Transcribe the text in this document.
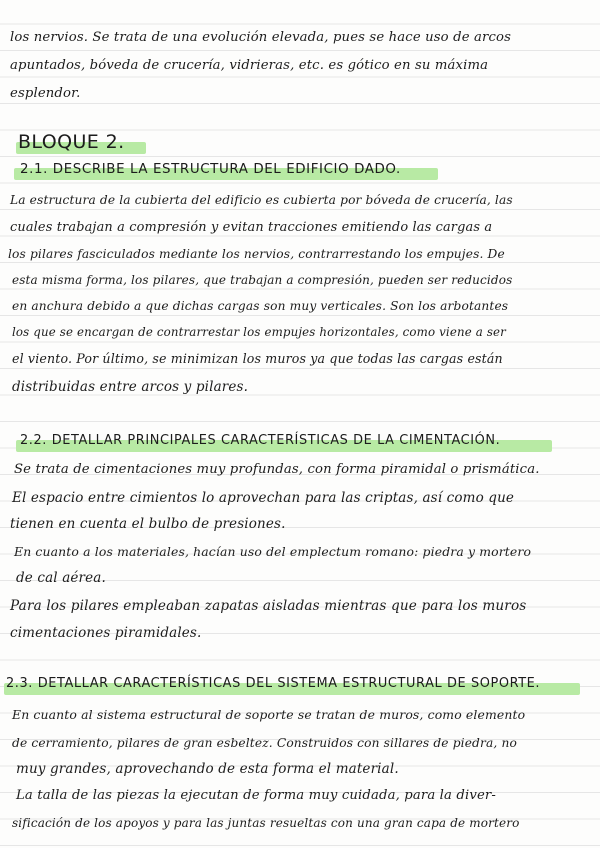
los nervios. Se trata de una evolución elevada, pues se hace uso de arcos
apuntados, bóveda de crucería, vidrieras, etc. es gótico en su máxima
esplendor.
BLOQUE 2.
2.1. DESCRIBE LA ESTRUCTURA DEL EDIFICIO DADO.
La estructura de la cubierta del edificio es cubierta por bóveda de crucería, las
cuales trabajan a compresión y evitan tracciones emitiendo las cargas a
los pilares fasciculados mediante los nervios, contrarrestando los empujes. De
esta misma forma, los pilares, que trabajan a compresión, pueden ser reducidos
en anchura debido a que dichas cargas son muy verticales. Son los arbotantes
los que se encargan de contrarrestar los empujes horizontales, como viene a ser
el viento. Por último, se minimizan los muros ya que todas las cargas están
distribuidas entre arcos y pilares.
2.2. DETALLAR PRINCIPALES CARACTERÍSTICAS DE LA CIMENTACIÓN.
Se trata de cimentaciones muy profundas, con forma piramidal o prismática.
El espacio entre cimientos lo aprovechan para las criptas, así como que
tienen en cuenta el bulbo de presiones.
En cuanto a los materiales, hacían uso del emplectum romano: piedra y mortero
de cal aérea.
Para los pilares empleaban zapatas aisladas mientras que para los muros
cimentaciones piramidales.
2.3. DETALLAR CARACTERÍSTICAS DEL SISTEMA ESTRUCTURAL DE SOPORTE.
En cuanto al sistema estructural de soporte se tratan de muros, como elemento
de cerramiento, pilares de gran esbeltez. Construidos con sillares de piedra, no
muy grandes, aprovechando de esta forma el material.
La talla de las piezas la ejecutan de forma muy cuidada, para la diver-
sificación de los apoyos y para las juntas resueltas con una gran capa de mortero
